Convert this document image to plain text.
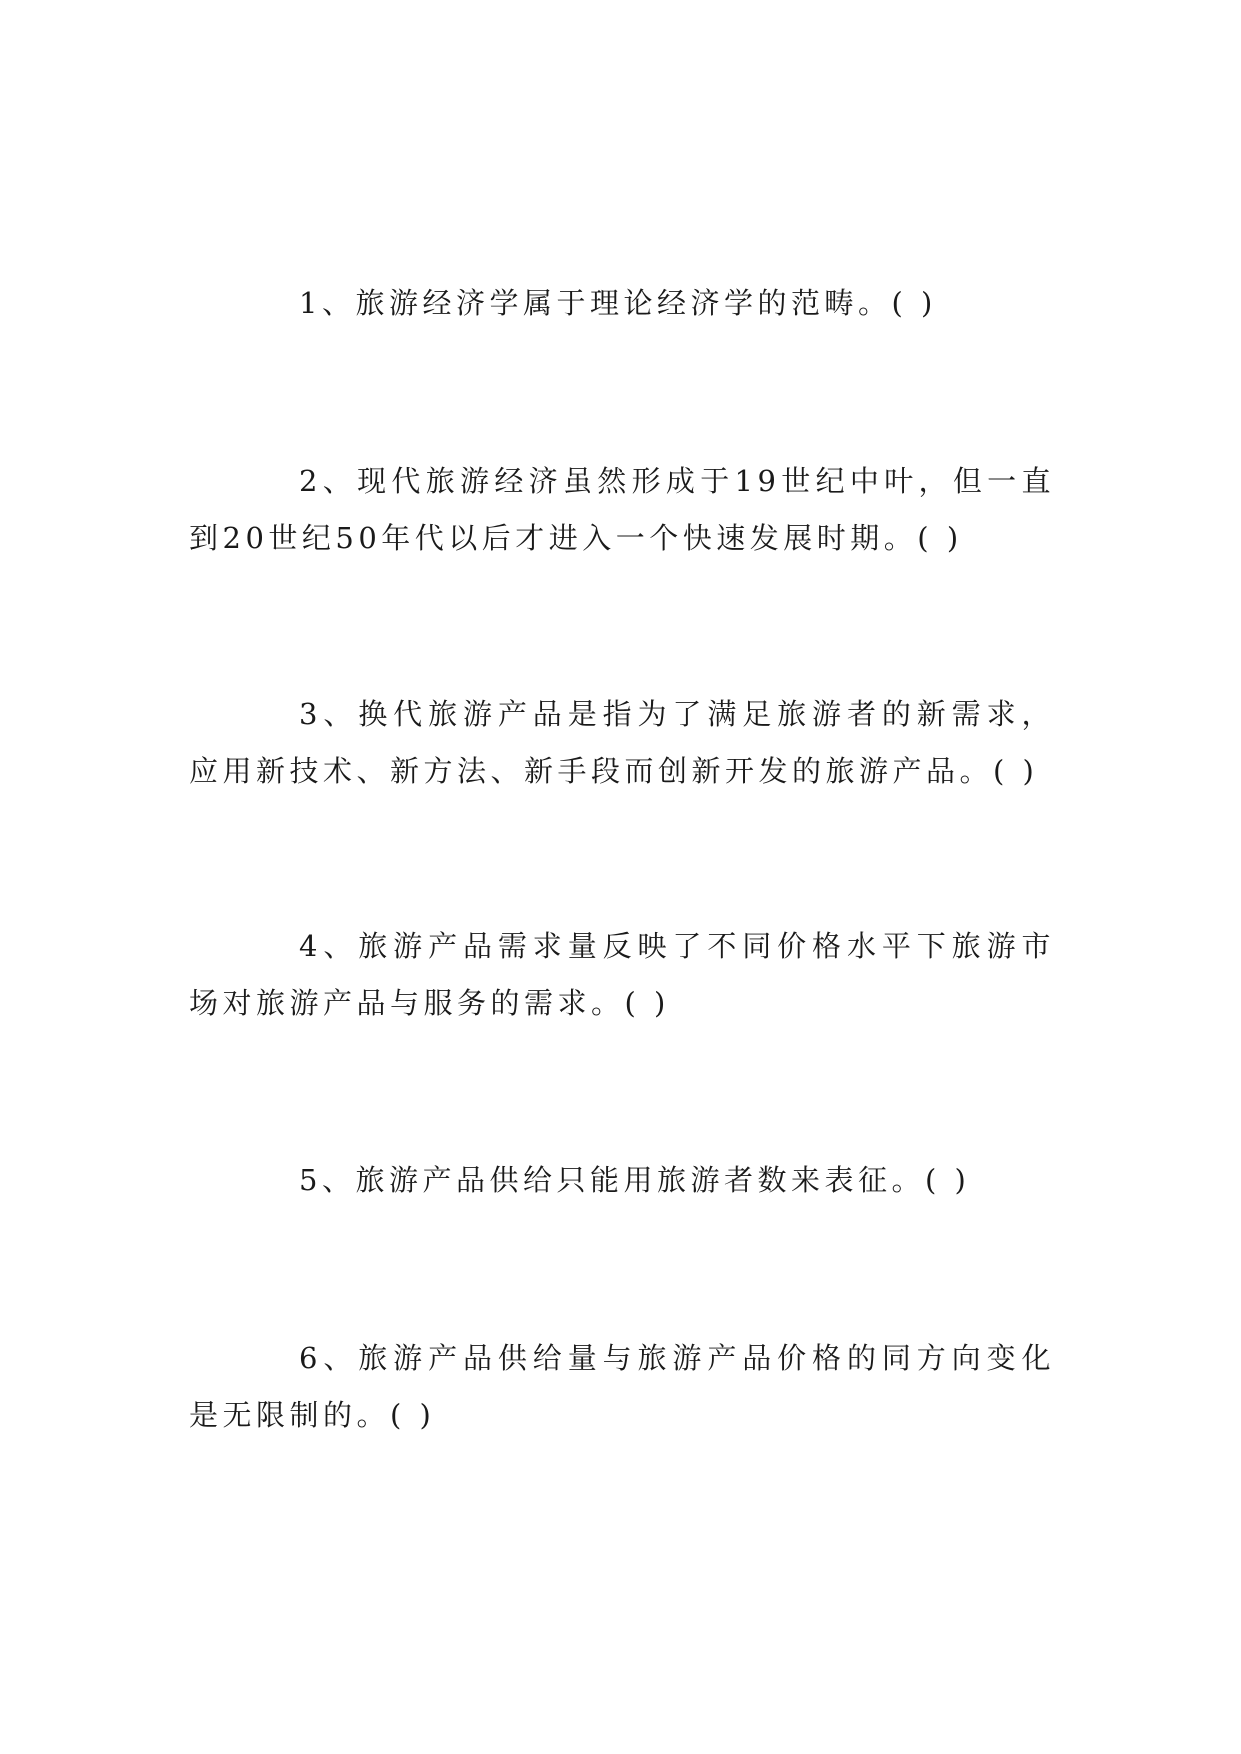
1、旅游经济学属于理论经济学的范畴。( )

2、现代旅游经济虽然形成于19世纪中叶，但一直到20世纪50年代以后才进入一个快速发展时期。( )

3、换代旅游产品是指为了满足旅游者的新需求，应用新技术、新方法、新手段而创新开发的旅游产品。( )

4、旅游产品需求量反映了不同价格水平下旅游市场对旅游产品与服务的需求。( )

5、旅游产品供给只能用旅游者数来表征。( )

6、旅游产品供给量与旅游产品价格的同方向变化是无限制的。( )
